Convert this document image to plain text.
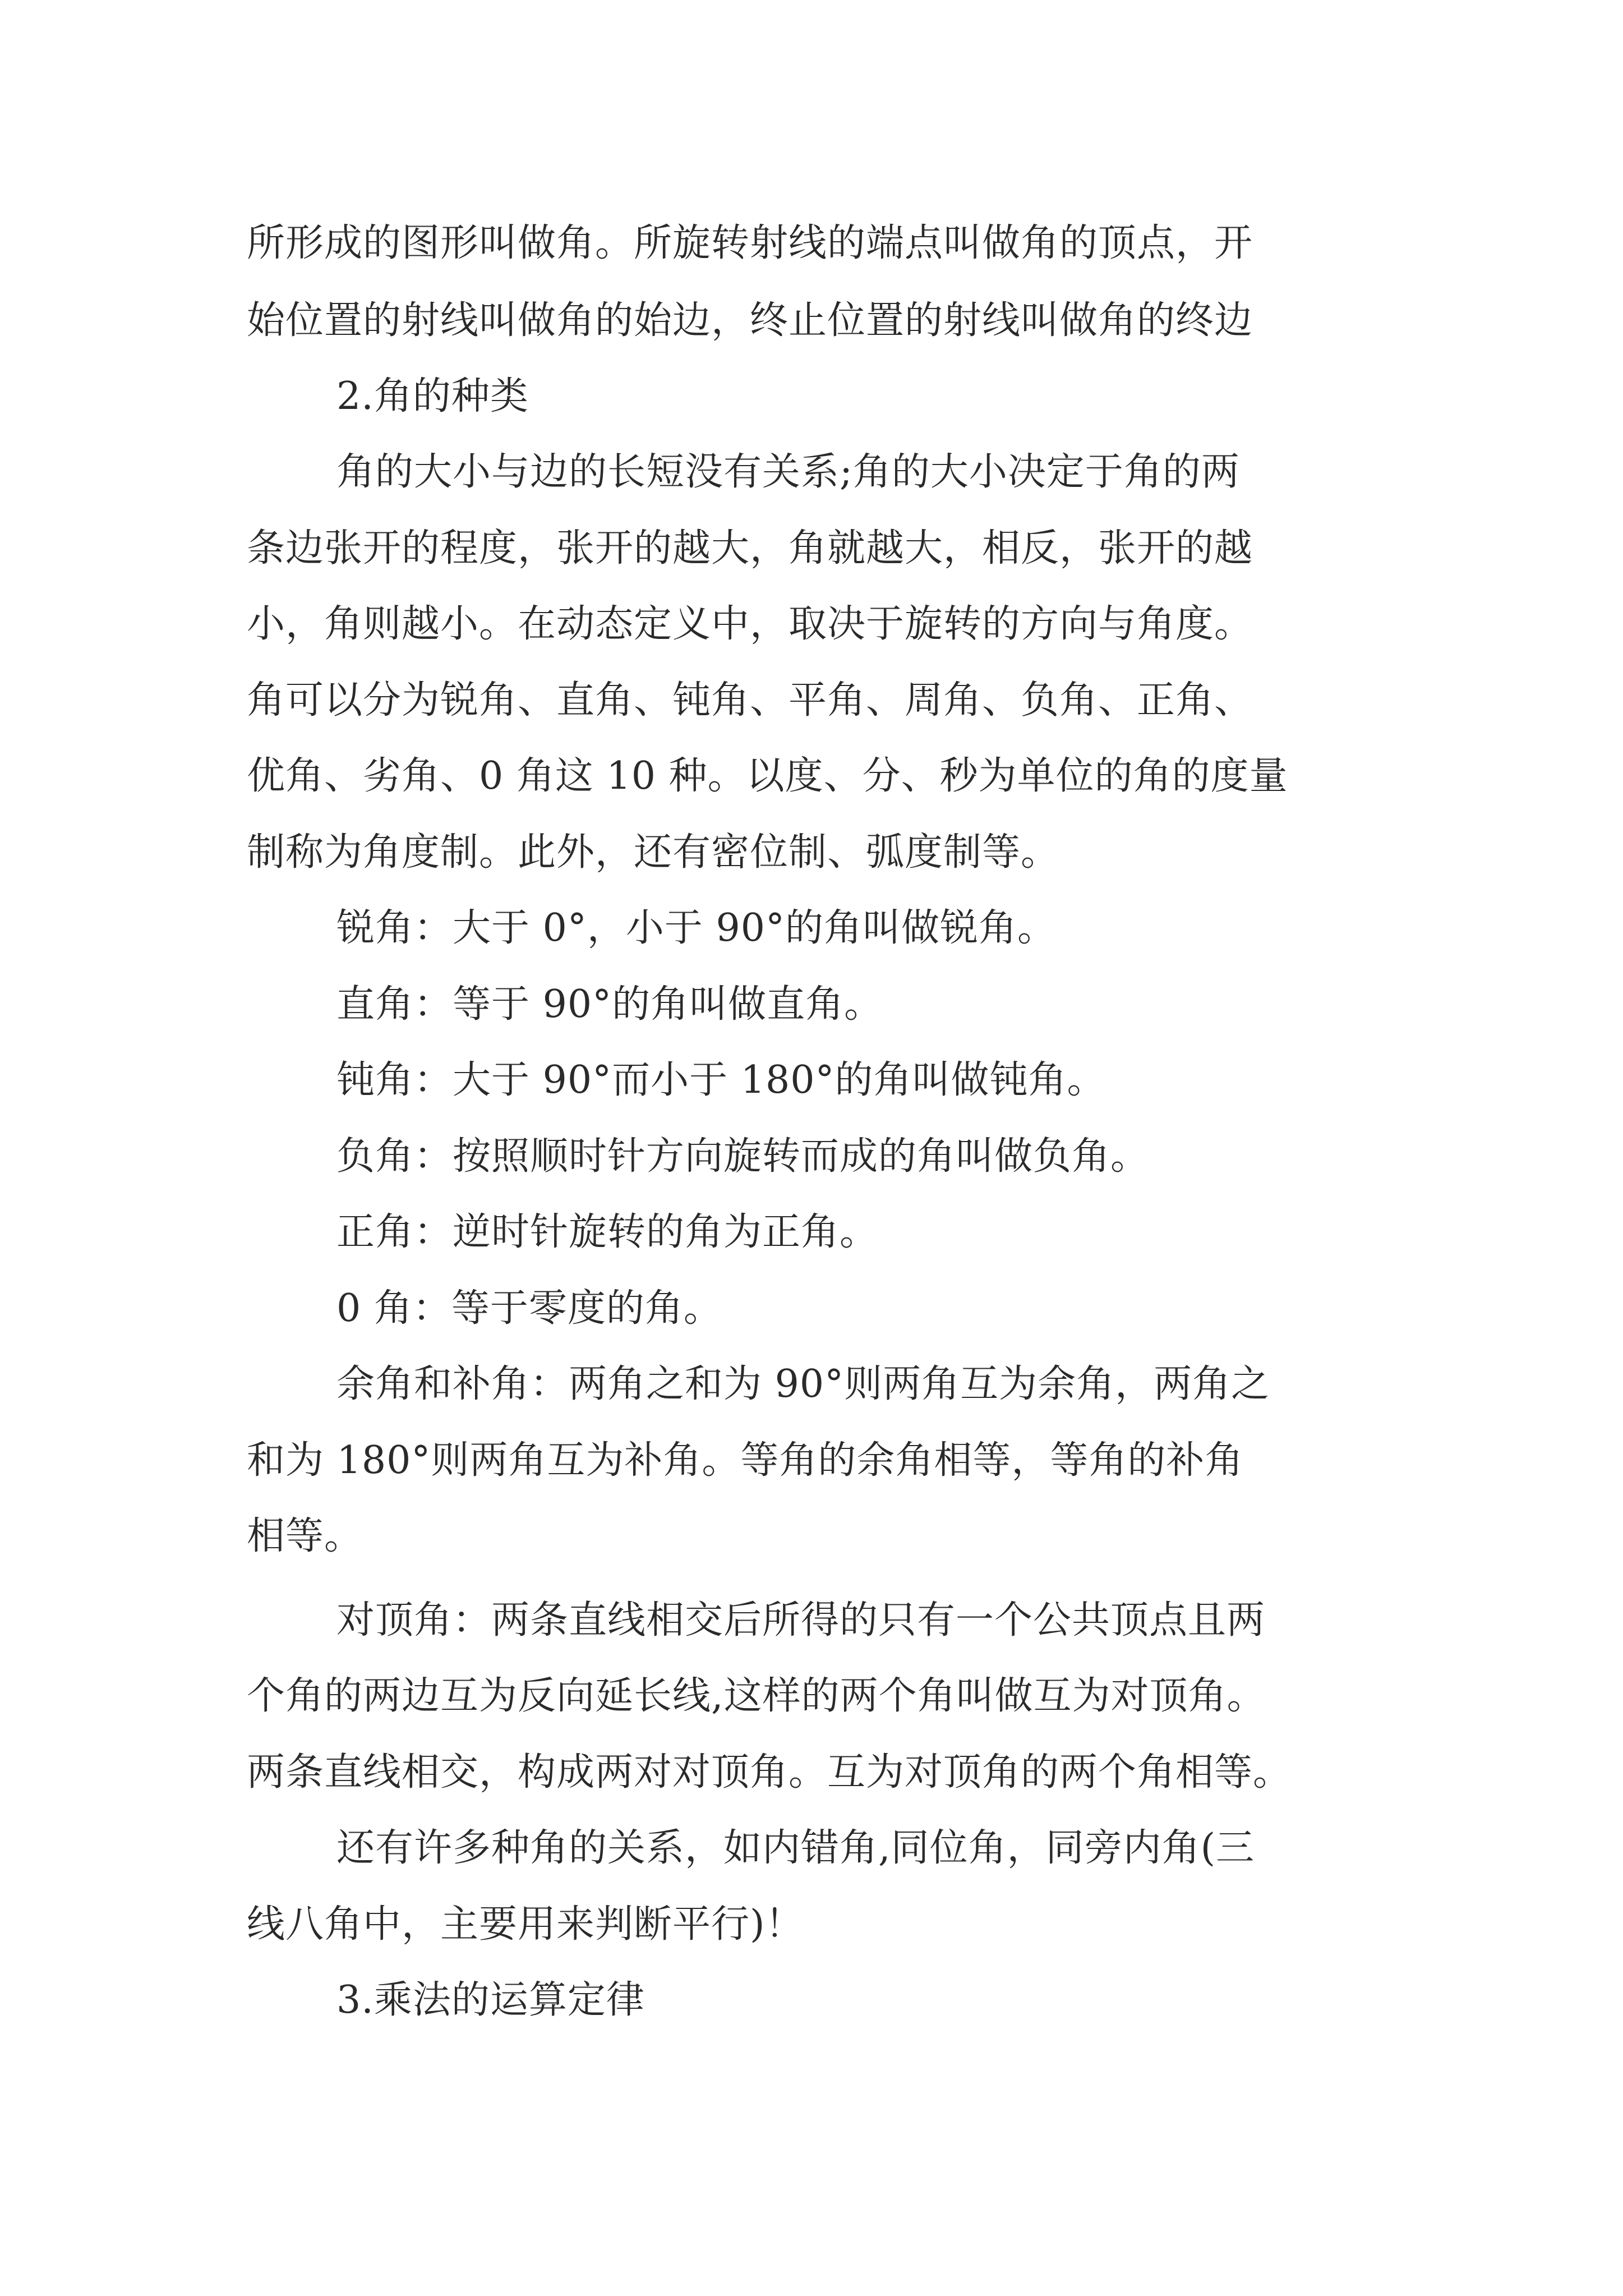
所形成的图形叫做角。所旋转射线的端点叫做角的顶点，开
始位置的射线叫做角的始边，终止位置的射线叫做角的终边
2.角的种类
角的大小与边的长短没有关系;角的大小决定于角的两
条边张开的程度，张开的越大，角就越大，相反，张开的越
小，角则越小。在动态定义中，取决于旋转的方向与角度。
角可以分为锐角、直角、钝角、平角、周角、负角、正角、
优角、劣角、0 角这 10 种。以度、分、秒为单位的角的度量
制称为角度制。此外，还有密位制、弧度制等。
锐角：大于 0°，小于 90°的角叫做锐角。
直角：等于 90°的角叫做直角。
钝角：大于 90°而小于 180°的角叫做钝角。
负角：按照顺时针方向旋转而成的角叫做负角。
正角：逆时针旋转的角为正角。
0 角：等于零度的角。
余角和补角：两角之和为 90°则两角互为余角，两角之
和为 180°则两角互为补角。等角的余角相等，等角的补角
相等。
对顶角：两条直线相交后所得的只有一个公共顶点且两
个角的两边互为反向延长线,这样的两个角叫做互为对顶角。
两条直线相交，构成两对对顶角。互为对顶角的两个角相等。
还有许多种角的关系，如内错角,同位角，同旁内角(三
线八角中，主要用来判断平行)！
3.乘法的运算定律
